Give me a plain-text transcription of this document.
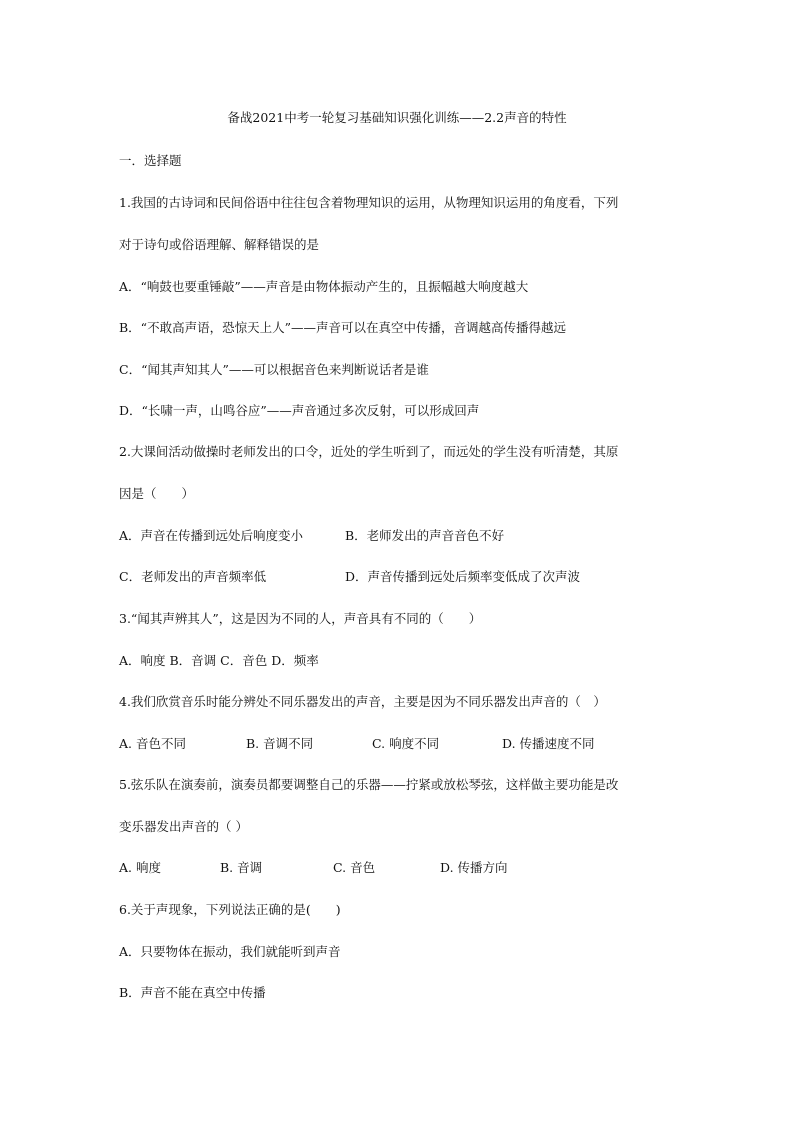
备战2021中考一轮复习基础知识强化训练——2.2声音的特性
一．选择题
1.我国的古诗词和民间俗语中往往包含着物理知识的运用，从物理知识运用的角度看，下列
对于诗句或俗语理解、解释错误的是
A．“响鼓也要重锤敲”——声音是由物体振动产生的，且振幅越大响度越大
B．“不敢高声语，恐惊天上人”——声音可以在真空中传播，音调越高传播得越远
C．“闻其声知其人”——可以根据音色来判断说话者是谁
D．“长啸一声，山鸣谷应”——声音通过多次反射，可以形成回声
2.大课间活动做操时老师发出的口令，近处的学生听到了，而远处的学生没有听清楚，其原
因是（　　）
A．声音在传播到远处后响度变小	B．老师发出的声音音色不好
C．老师发出的声音频率低	D．声音传播到远处后频率变低成了次声波
3.“闻其声辨其人”，这是因为不同的人，声音具有不同的（　　）
A．响度 B．音调 C．音色 D．频率
4.我们欣赏音乐时能分辨处不同乐器发出的声音，主要是因为不同乐器发出声音的（　）
A. 音色不同	B. 音调不同	C. 响度不同	D. 传播速度不同
5.弦乐队在演奏前，演奏员都要调整自己的乐器——拧紧或放松琴弦，这样做主要功能是改
变乐器发出声音的（ ）
A. 响度	B. 音调	C. 音色	D. 传播方向
6.关于声现象，下列说法正确的是(　　)
A．只要物体在振动，我们就能听到声音
B．声音不能在真空中传播
